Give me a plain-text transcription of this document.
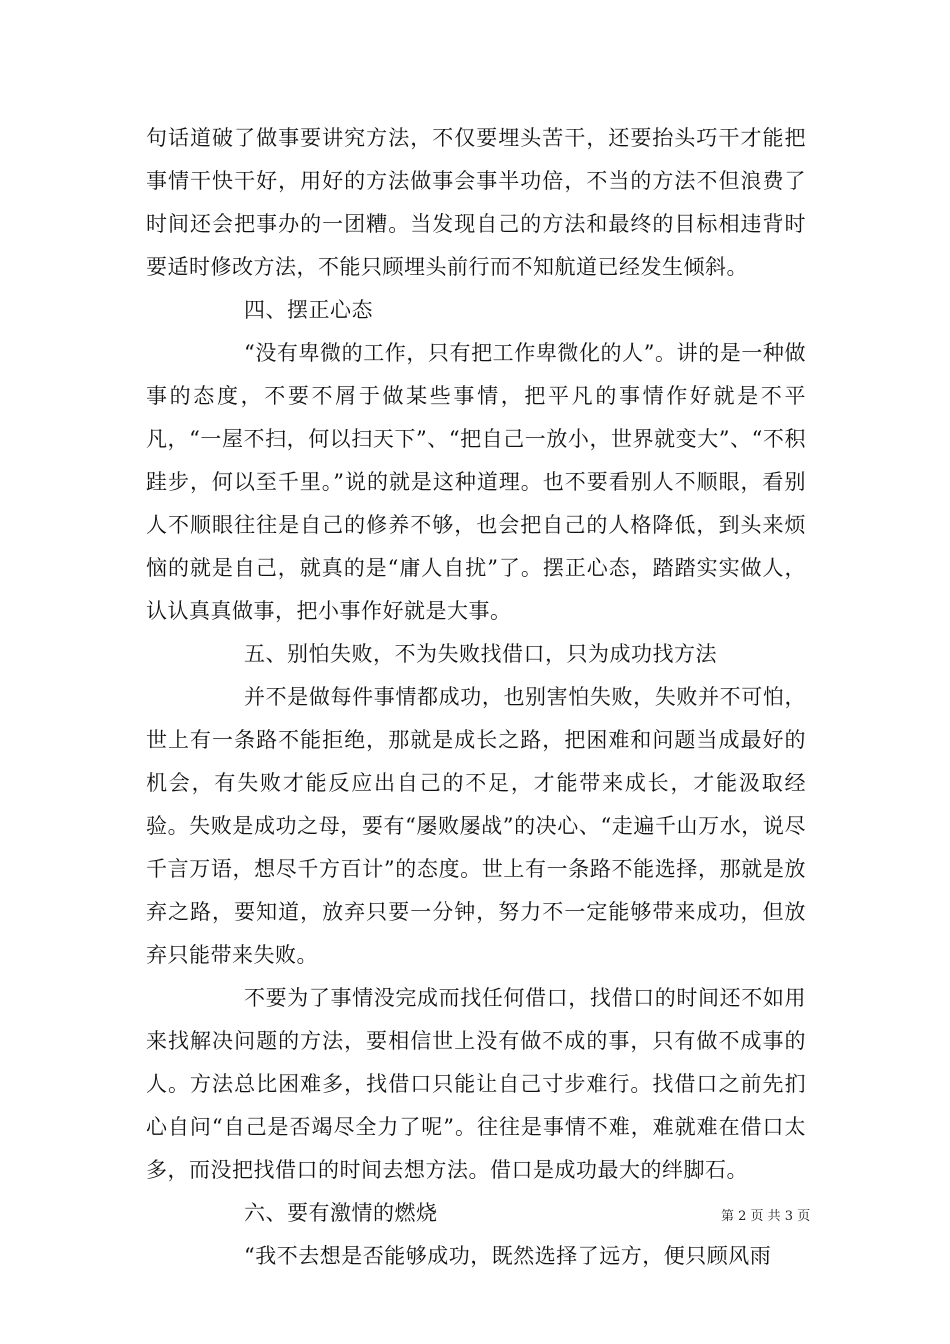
句话道破了做事要讲究方法，不仅要埋头苦干，还要抬头巧干才能把事情干快干好，用好的方法做事会事半功倍，不当的方法不但浪费了时间还会把事办的一团糟。当发现自己的方法和最终的目标相违背时要适时修改方法，不能只顾埋头前行而不知航道已经发生倾斜。

四、摆正心态

“没有卑微的工作，只有把工作卑微化的人”。讲的是一种做事的态度，不要不屑于做某些事情，把平凡的事情作好就是不平凡，“一屋不扫，何以扫天下”、“把自己一放小，世界就变大”、“不积跬步，何以至千里。”说的就是这种道理。也不要看别人不顺眼，看别人不顺眼往往是自己的修养不够，也会把自己的人格降低，到头来烦恼的就是自己，就真的是“庸人自扰”了。摆正心态，踏踏实实做人，认认真真做事，把小事作好就是大事。

五、别怕失败，不为失败找借口，只为成功找方法

并不是做每件事情都成功，也别害怕失败，失败并不可怕，世上有一条路不能拒绝，那就是成长之路，把困难和问题当成最好的机会，有失败才能反应出自己的不足，才能带来成长，才能汲取经验。失败是成功之母，要有“屡败屡战”的决心、“走遍千山万水，说尽千言万语，想尽千方百计”的态度。世上有一条路不能选择，那就是放弃之路，要知道，放弃只要一分钟，努力不一定能够带来成功，但放弃只能带来失败。

不要为了事情没完成而找任何借口，找借口的时间还不如用来找解决问题的方法，要相信世上没有做不成的事，只有做不成事的人。方法总比困难多，找借口只能让自己寸步难行。找借口之前先扪心自问“自己是否竭尽全力了呢”。往往是事情不难，难就难在借口太多，而没把找借口的时间去想方法。借口是成功最大的绊脚石。

六、要有激情的燃烧

“我不去想是否能够成功，既然选择了远方，便只顾风雨

第 2 页 共 3 页
